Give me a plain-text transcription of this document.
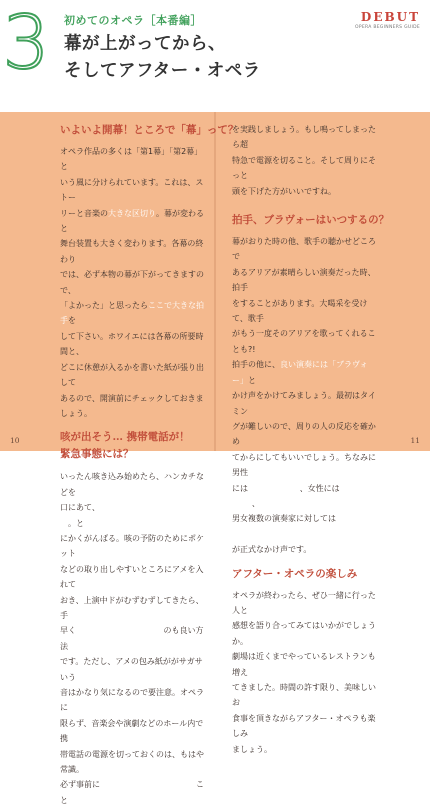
3 初めてのオペラ［本番編］
幕が上がってから、
そしてアフター・オペラ
DEBUT
OPERA BEGINNERS GUIDE

いよいよ開幕！ところで「幕」って？

オペラ作品の多くは「第1幕」「第2幕」と
いう風に分けられています。これは、ストー
リーと音楽の大きな区切り。幕が変わると
舞台装置も大きく変わります。各幕の終わり
では、必ず本物の幕が下がってきますので、
「よかった」と思ったらここで大きな拍手を
して下さい。ホワイエには各幕の所要時間と、
どこに休憩が入るかを書いた紙が張り出して
あるので、開演前にチェックしておきましょう。

咳が出そう… 携帯電話が！
緊急事態には？

いったん咳き込み始めたら、ハンカチなどを
口にあて、できるだけ音が出ないように。と
にかくがんばる。咳の予防のためにポケット
などの取り出しやすいところにアメを入れて
おき、上演中ドがむずむずしてきたら、手
早くアメを口の中に放り込むのも良い方法
です。ただし、アメの包み紙ががサガサいう
音はかなり気になるので要注意。オペラに
限らず、音楽会や演劇などのホール内で携
帯電話の電源を切っておくのは、もはや常識。
必ず事前に「携帯電話の電源を切る」こと

を実践しましょう。もし鳴ってしまったら超
特急で電源を切ること。そして周りにそっと
頭を下げた方がいいですね。

拍手、ブラヴォーはいつするの？

幕がおりた時の他、歌手の聴かせどころで
あるアリアが素晴らしい演奏だった時、拍手
をすることがあります。大喝采を受けて、歌手
がもう一度そのアリアを歌ってくれることも?!
拍手の他に、良い演奏には「ブラヴォー」と
かけ声をかけてみましょう。最初はタイミン
グが難しいので、周りの人の反応を確かめ
てからにしてもいいでしょう。ちなみに男性
には「ブラーヴォ」、女性には「ブラーヴァ」、
男女複数の演奏家に対しては「ブラーヴィ」
が正式なかけ声です。

アフター・オペラの楽しみ

オペラが終わったら、ぜひ一緒に行った人と
感想を語り合ってみてはいかがでしょうか。
劇場は近くまでやっているレストランも増え
てきました。時間の許す限り、美味しいお
食事を頂きながらアフター・オペラも楽しみ
ましょう。

10	11
